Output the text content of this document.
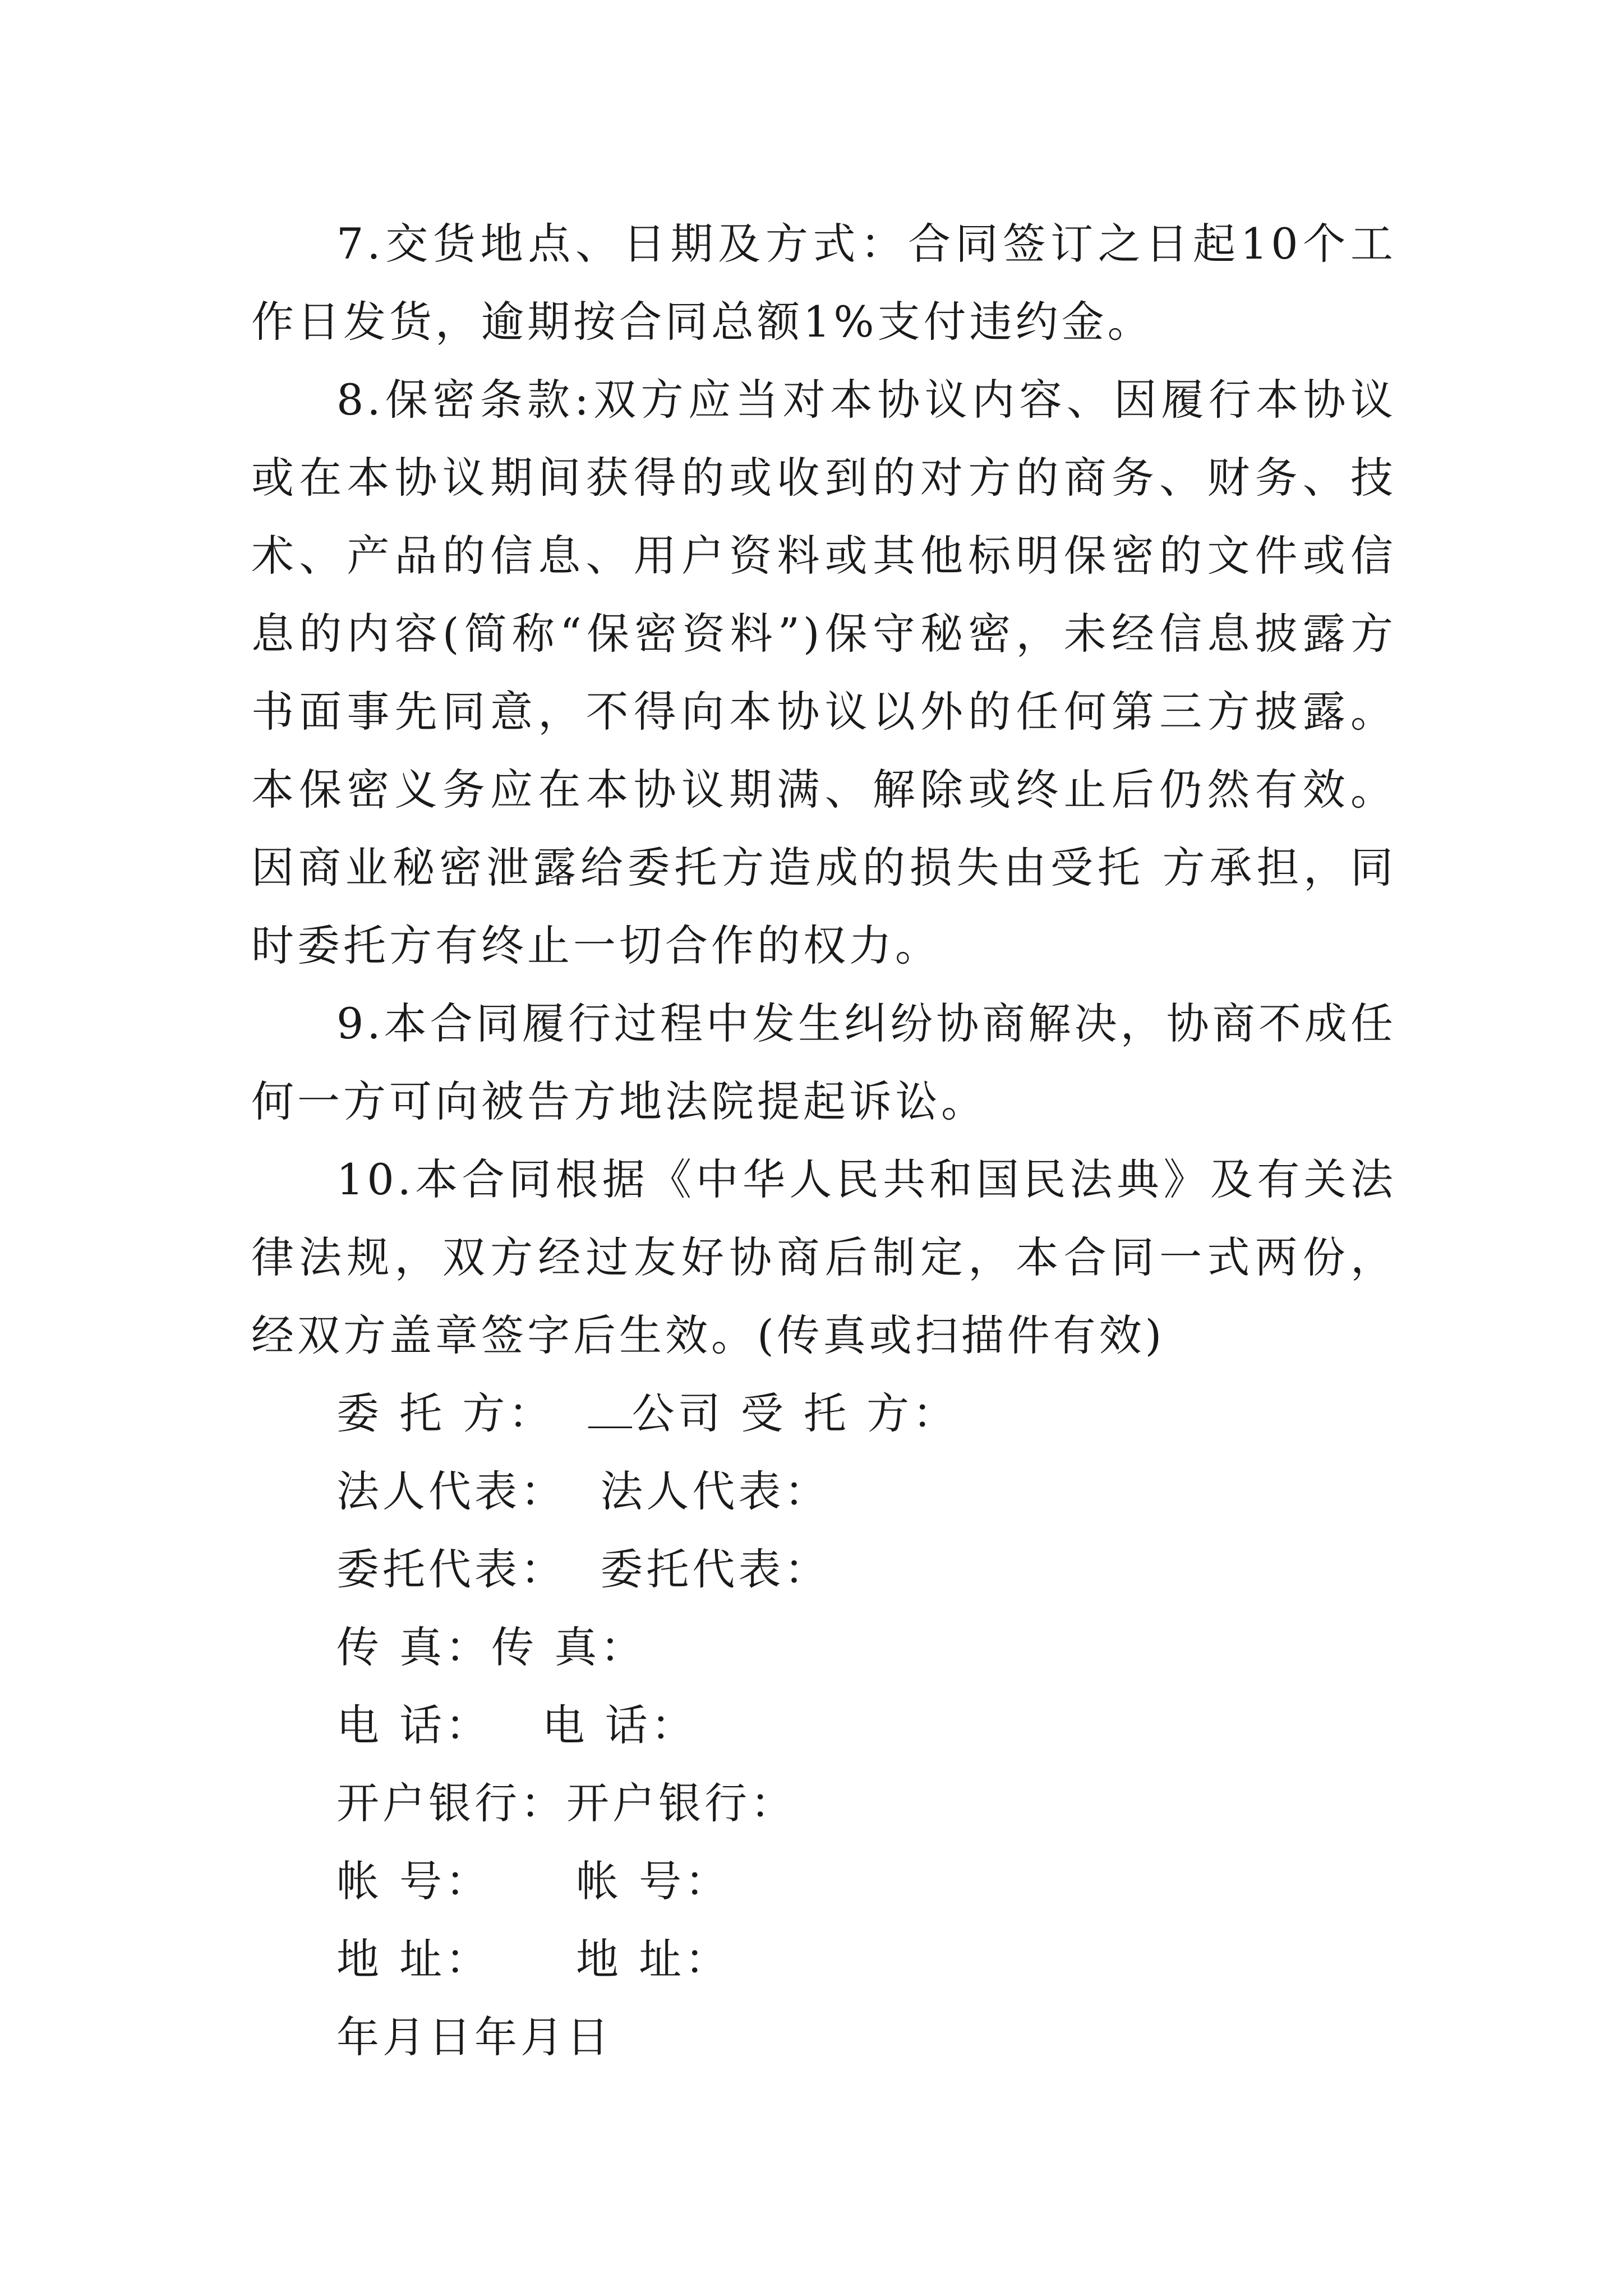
7.交货地点、日期及方式：合同签订之日起10个工作日发货，逾期按合同总额1%支付违约金。

8.保密条款:双方应当对本协议内容、因履行本协议或在本协议期间获得的或收到的对方的商务、财务、技术、产品的信息、用户资料或其他标明保密的文件或信息的内容(简称“保密资料”)保守秘密，未经信息披露方书面事先同意，不得向本协议以外的任何第三方披露。本保密义务应在本协议期满、解除或终止后仍然有效。因商业秘密泄露给委托方造成的损失由受托 方承担，同时委托方有终止一切合作的权力。

9.本合同履行过程中发生纠纷协商解决，协商不成任何一方可向被告方地法院提起诉讼。

10.本合同根据《中华人民共和国民法典》及有关法律法规，双方经过友好协商后制定，本合同一式两份，经双方盖章签字后生效。(传真或扫描件有效)

委 托 方： 公司 受 托 方：

法人代表：  法人代表：

委托代表：  委托代表：

传 真：传 真：

电 话：   电 话：

开户银行：开户银行：

帐 号：     帐 号：

地 址：     地 址：

年月日年月日
